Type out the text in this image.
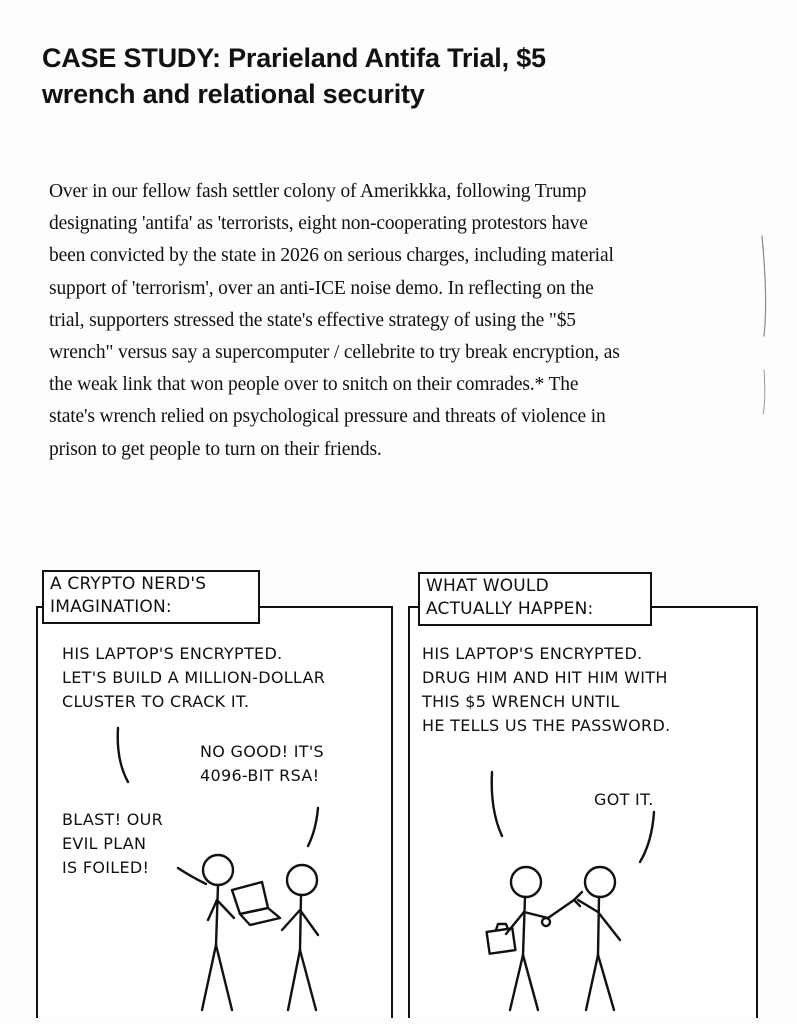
CASE STUDY: Prarieland Antifa Trial, $5
wrench and relational security
Over in our fellow fash settler colony of Amerikkka, following Trump
designating 'antifa' as 'terrorists, eight non-cooperating protestors have
been convicted by the state in 2026 on serious charges, including material
support of 'terrorism', over an anti-ICE noise demo. In reflecting on the
trial, supporters stressed the state's effective strategy of using the "$5
wrench" versus say a supercomputer / cellebrite to try break encryption, as
the weak link that won people over to snitch on their comrades.* The
state's wrench relied on psychological pressure and threats of violence in
prison to get people to turn on their friends.
A CRYPTO NERD'S
IMAGINATION:
WHAT WOULD
ACTUALLY HAPPEN:
HIS LAPTOP'S ENCRYPTED.
LET'S BUILD A MILLION-DOLLAR
CLUSTER TO CRACK IT.
NO GOOD! IT'S
4096-BIT RSA!
BLAST! OUR
EVIL PLAN
IS FOILED!
HIS LAPTOP'S ENCRYPTED.
DRUG HIM AND HIT HIM WITH
THIS $5 WRENCH UNTIL
HE TELLS US THE PASSWORD.
GOT IT.
